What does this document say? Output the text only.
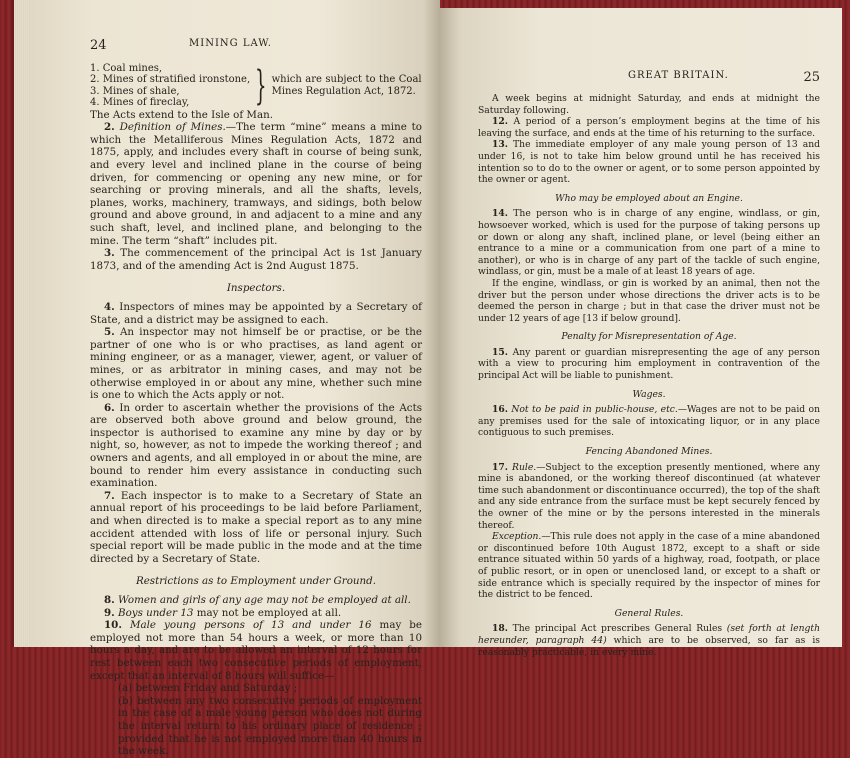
24	MINING LAW.
1. Coal mines,
2. Mines of stratified ironstone,
3. Mines of shale,
4. Mines of fireclay,	} which are subject to the Coal Mines Regulation Act, 1872.

The Acts extend to the Isle of Man.

2. Definition of Mines.—The term “mine” means a mine to which the Metalliferous Mines Regulation Acts, 1872 and 1875, apply, and includes every shaft in course of being sunk, and every level and inclined plane in the course of being driven, for commencing or opening any new mine, or for searching or proving minerals, and all the shafts, levels, planes, works, machinery, tramways, and sidings, both below ground and above ground, in and adjacent to a mine and any such shaft, level, and inclined plane, and belonging to the mine. The term “shaft” includes pit.

3. The commencement of the principal Act is 1st January 1873, and of the amending Act is 2nd August 1875.

Inspectors.

4. Inspectors of mines may be appointed by a Secretary of State, and a district may be assigned to each.

5. An inspector may not himself be or practise, or be the partner of one who is or who practises, as land agent or mining engineer, or as a manager, viewer, agent, or valuer of mines, or as arbitrator in mining cases, and may not be otherwise employed in or about any mine, whether such mine is one to which the Acts apply or not.

6. In order to ascertain whether the provisions of the Acts are observed both above ground and below ground, the inspector is authorised to examine any mine by day or by night, so, however, as not to impede the working thereof ; and owners and agents, and all employed in or about the mine, are bound to render him every assistance in conducting such examination.

7. Each inspector is to make to a Secretary of State an annual report of his proceedings to be laid before Parliament, and when directed is to make a special report as to any mine accident attended with loss of life or personal injury. Such special report will be made public in the mode and at the time directed by a Secretary of State.

Restrictions as to Employment under Ground.

8. Women and girls of any age may not be employed at all.

9. Boys under 13 may not be employed at all.

10. Male young persons of 13 and under 16 may be employed not more than 54 hours a week, or more than 10 hours a day, and are to be allowed an interval of 12 hours for rest between each two consecutive periods of employment, except that an interval of 8 hours will suffice—

(a) between Friday and Saturday ;

(b) between any two consecutive periods of employment in the case of a male young person who does not during the interval return to his ordinary place of residence ; provided that he is not employed more than 40 hours in the week.

GREAT BRITAIN.	25

A week begins at midnight Saturday, and ends at midnight the Saturday following.

12. A period of a person’s employment begins at the time of his leaving the surface, and ends at the time of his returning to the surface.

13. The immediate employer of any male young person of 13 and under 16, is not to take him below ground until he has received his intention so to do to the owner or agent, or to some person appointed by the owner or agent.

Who may be employed about an Engine.

14. The person who is in charge of any engine, windlass, or gin, howsoever worked, which is used for the purpose of taking persons up or down or along any shaft, inclined plane, or level (being either an entrance to a mine or a communication from one part of a mine to another), or who is in charge of any part of the tackle of such engine, windlass, or gin, must be a male of at least 18 years of age.

If the engine, windlass, or gin is worked by an animal, then not the driver but the person under whose directions the driver acts is to be deemed the person in charge ; but in that case the driver must not be under 12 years of age [13 if below ground].

Penalty for Misrepresentation of Age.

15. Any parent or guardian misrepresenting the age of any person with a view to procuring him employment in contravention of the principal Act will be liable to punishment.

Wages.

16. Not to be paid in public-house, etc.—Wages are not to be paid on any premises used for the sale of intoxicating liquor, or in any place contiguous to such premises.

Fencing Abandoned Mines.

17. Rule.—Subject to the exception presently mentioned, where any mine is abandoned, or the working thereof discontinued (at whatever time such abandonment or discontinuance occurred), the top of the shaft and any side entrance from the surface must be kept securely fenced by the owner of the mine or by the persons interested in the minerals thereof.

Exception.—This rule does not apply in the case of a mine abandoned or discontinued before 10th August 1872, except to a shaft or side entrance situated within 50 yards of a highway, road, footpath, or place of public resort, or in open or unenclosed land, or except to a shaft or side entrance which is specially required by the inspector of mines for the district to be fenced.

General Rules.

18. The principal Act prescribes General Rules (set forth at length hereunder, paragraph 44) which are to be observed, so far as is reasonably practicable, in every mine.
